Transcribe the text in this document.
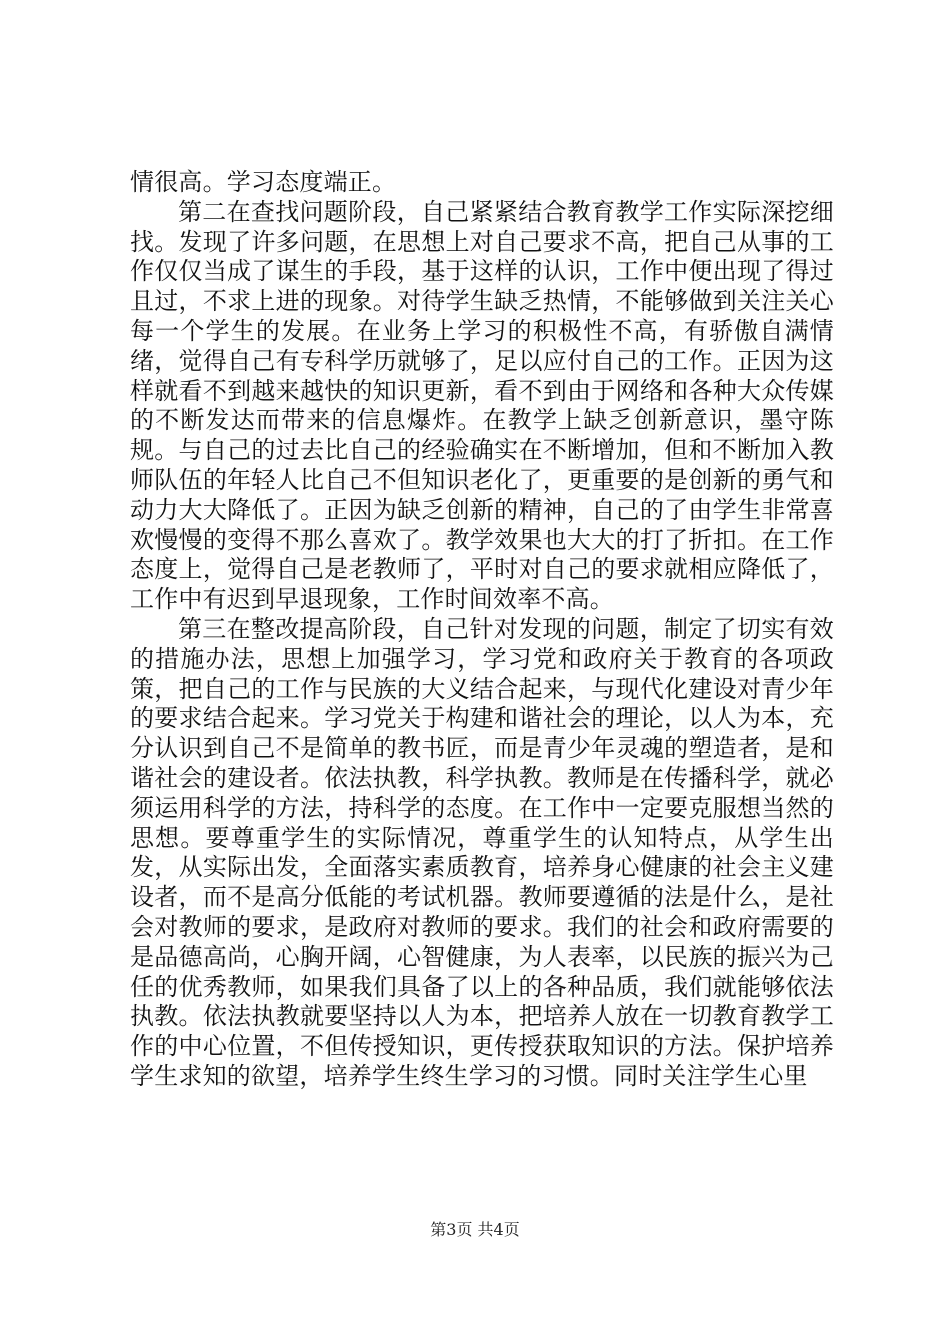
情很高。学习态度端正。

第二在查找问题阶段，自己紧紧结合教育教学工作实际深挖细找。发现了许多问题，在思想上对自己要求不高，把自己从事的工作仅仅当成了谋生的手段，基于这样的认识，工作中便出现了得过且过，不求上进的现象。对待学生缺乏热情，不能够做到关注关心每一个学生的发展。在业务上学习的积极性不高，有骄傲自满情绪，觉得自己有专科学历就够了，足以应付自己的工作。正因为这样就看不到越来越快的知识更新，看不到由于网络和各种大众传媒的不断发达而带来的信息爆炸。在教学上缺乏创新意识，墨守陈规。与自己的过去比自己的经验确实在不断增加，但和不断加入教师队伍的年轻人比自己不但知识老化了，更重要的是创新的勇气和动力大大降低了。正因为缺乏创新的精神，自己的了由学生非常喜欢慢慢的变得不那么喜欢了。教学效果也大大的打了折扣。在工作态度上，觉得自己是老教师了，平时对自己的要求就相应降低了，工作中有迟到早退现象，工作时间效率不高。

第三在整改提高阶段，自己针对发现的问题，制定了切实有效的措施办法，思想上加强学习，学习党和政府关于教育的各项政策，把自己的工作与民族的大义结合起来，与现代化建设对青少年的要求结合起来。学习党关于构建和谐社会的理论，以人为本，充分认识到自己不是简单的教书匠，而是青少年灵魂的塑造者，是和谐社会的建设者。依法执教，科学执教。教师是在传播科学，就必须运用科学的方法，持科学的态度。在工作中一定要克服想当然的思想。要尊重学生的实际情况，尊重学生的认知特点，从学生出发，从实际出发，全面落实素质教育，培养身心健康的社会主义建设者，而不是高分低能的考试机器。教师要遵循的法是什么，是社会对教师的要求，是政府对教师的要求。我们的社会和政府需要的是品德高尚，心胸开阔，心智健康，为人表率，以民族的振兴为己任的优秀教师，如果我们具备了以上的各种品质，我们就能够依法执教。依法执教就要坚持以人为本，把培养人放在一切教育教学工作的中心位置，不但传授知识，更传授获取知识的方法。保护培养学生求知的欲望，培养学生终生学习的习惯。同时关注学生心里

第3页 共4页
